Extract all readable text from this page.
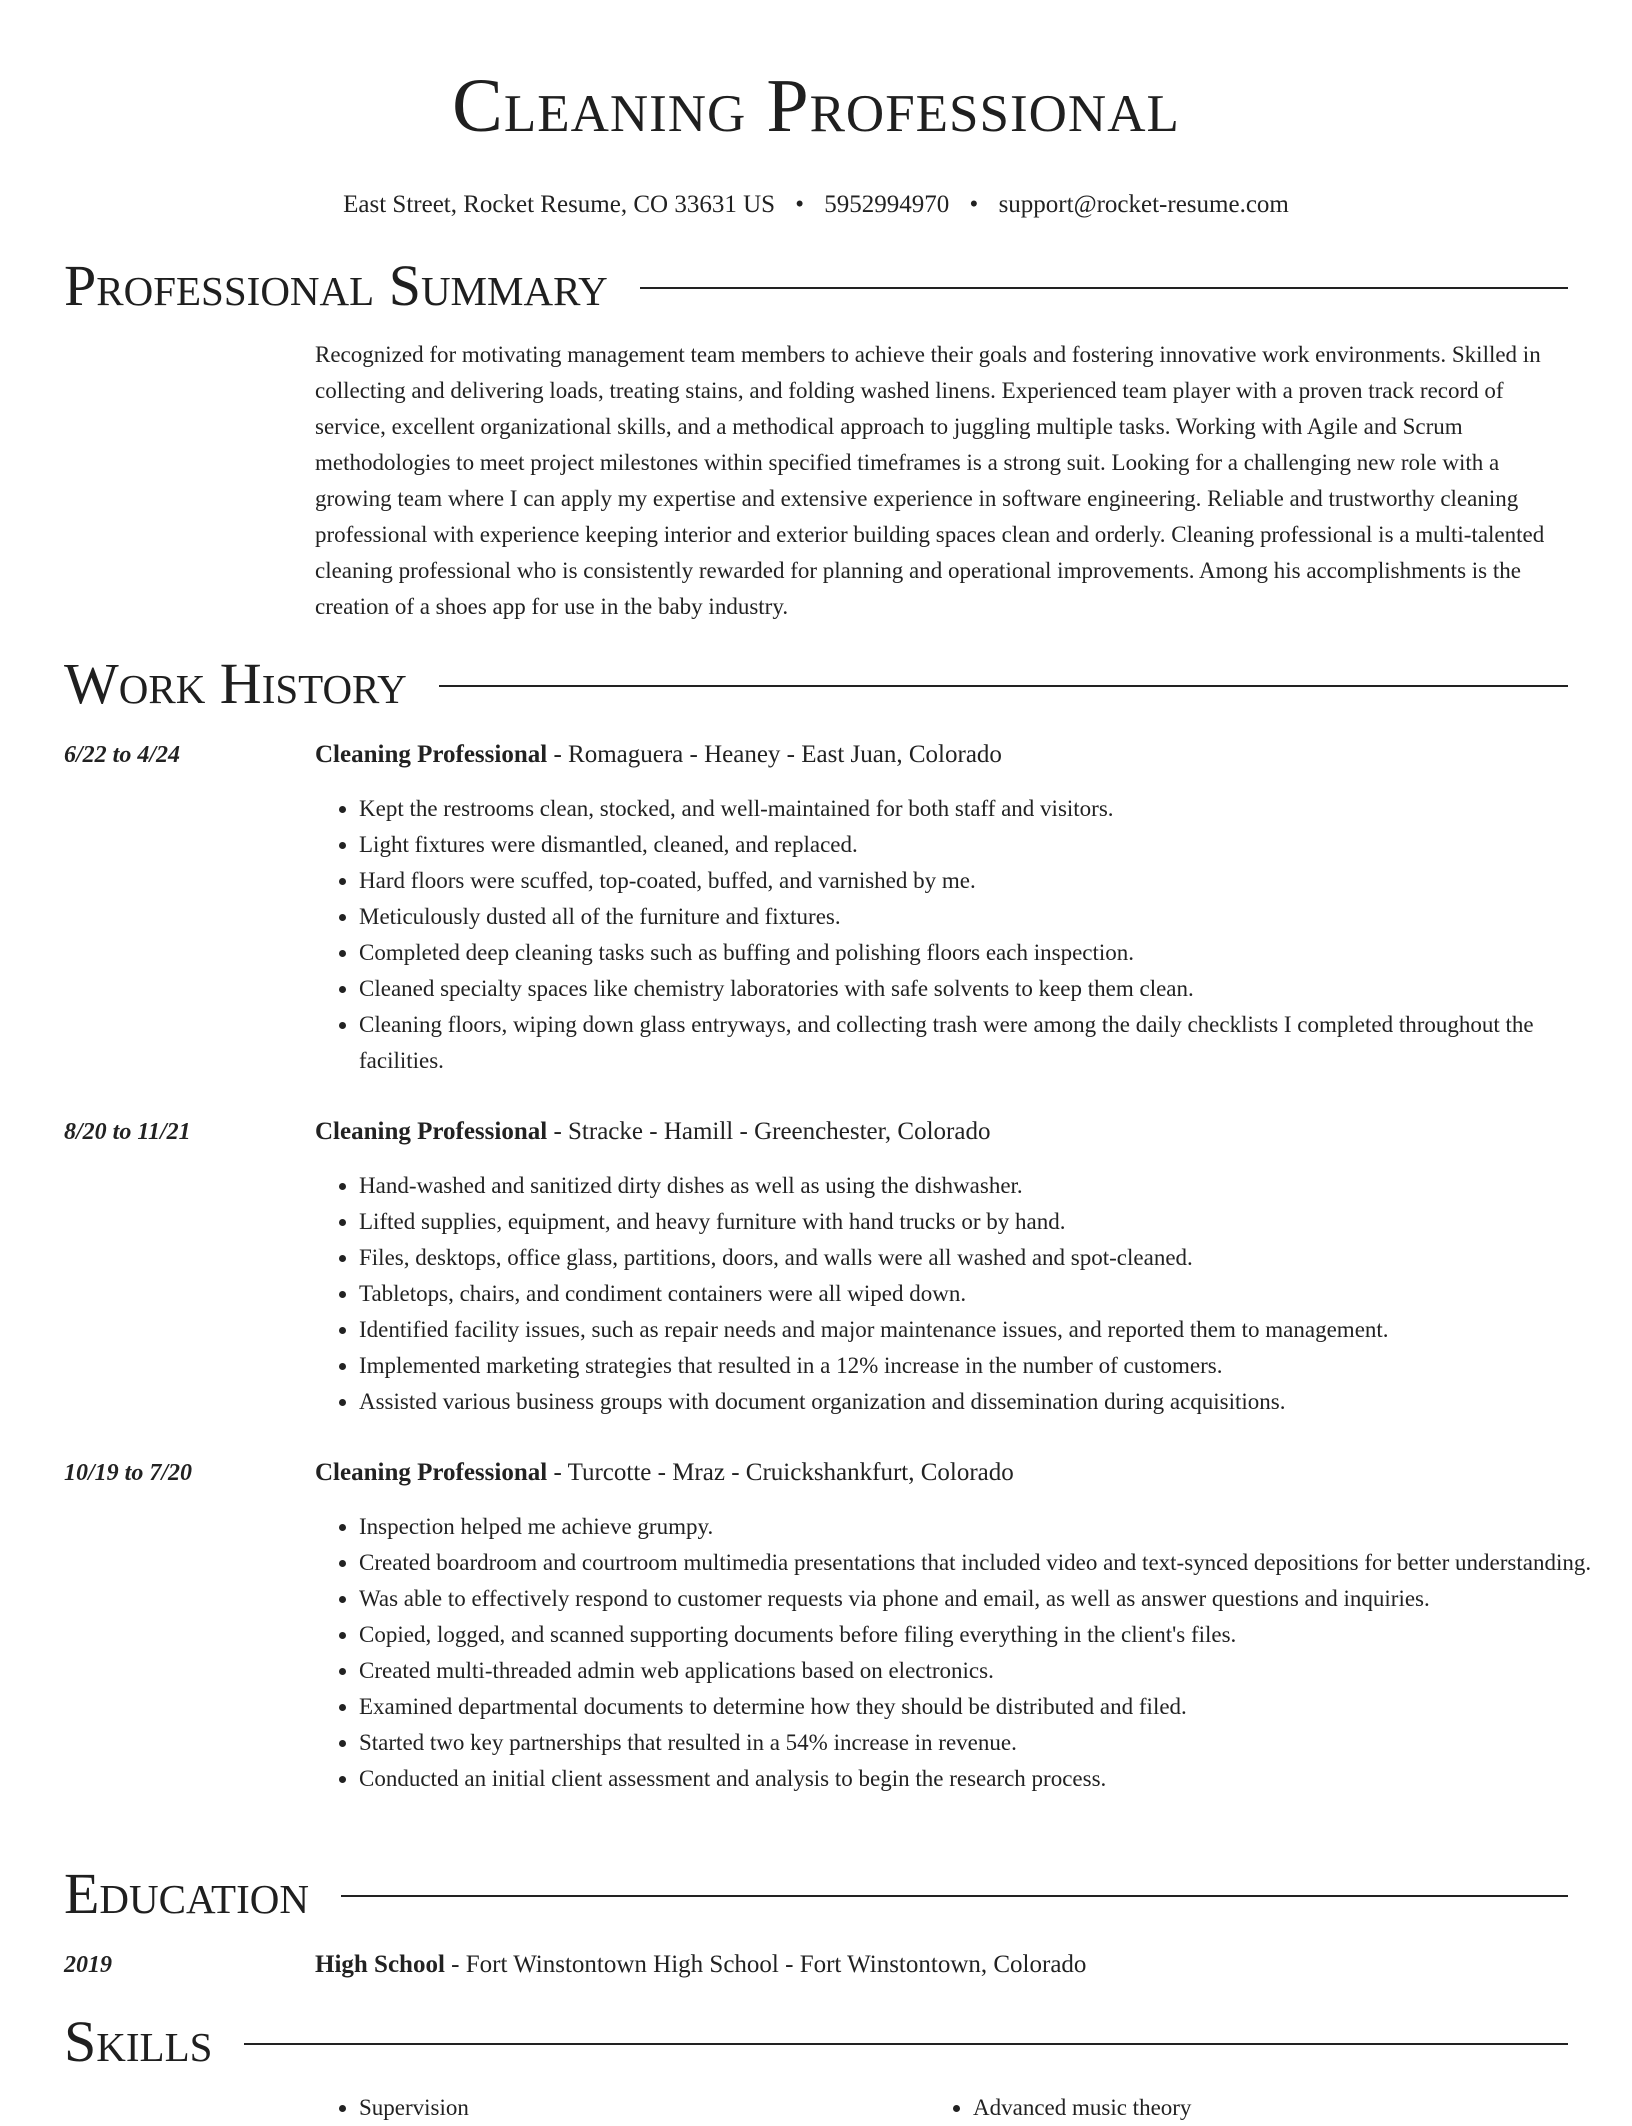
Cleaning Professional
East Street, Rocket Resume, CO 33631 US • 5952994970 • support@rocket-resume.com
Professional Summary

Recognized for motivating management team members to achieve their goals and fostering innovative work environments. Skilled in collecting and delivering loads, treating stains, and folding washed linens. Experienced team player with a proven track record of service, excellent organizational skills, and a methodical approach to juggling multiple tasks. Working with Agile and Scrum methodologies to meet project milestones within specified timeframes is a strong suit. Looking for a challenging new role with a growing team where I can apply my expertise and extensive experience in software engineering. Reliable and trustworthy cleaning professional with experience keeping interior and exterior building spaces clean and orderly. Cleaning professional is a multi-talented cleaning professional who is consistently rewarded for planning and operational improvements. Among his accomplishments is the creation of a shoes app for use in the baby industry.

Work History
6/22 to 4/24	Cleaning Professional - Romaguera - Heaney - East Juan, Colorado
• Kept the restrooms clean, stocked, and well-maintained for both staff and visitors.
• Light fixtures were dismantled, cleaned, and replaced.
• Hard floors were scuffed, top-coated, buffed, and varnished by me.
• Meticulously dusted all of the furniture and fixtures.
• Completed deep cleaning tasks such as buffing and polishing floors each inspection.
• Cleaned specialty spaces like chemistry laboratories with safe solvents to keep them clean.
• Cleaning floors, wiping down glass entryways, and collecting trash were among the daily checklists I completed throughout the facilities.
8/20 to 11/21	Cleaning Professional - Stracke - Hamill - Greenchester, Colorado
• Hand-washed and sanitized dirty dishes as well as using the dishwasher.
• Lifted supplies, equipment, and heavy furniture with hand trucks or by hand.
• Files, desktops, office glass, partitions, doors, and walls were all washed and spot-cleaned.
• Tabletops, chairs, and condiment containers were all wiped down.
• Identified facility issues, such as repair needs and major maintenance issues, and reported them to management.
• Implemented marketing strategies that resulted in a 12% increase in the number of customers.
• Assisted various business groups with document organization and dissemination during acquisitions.
10/19 to 7/20	Cleaning Professional - Turcotte - Mraz - Cruickshankfurt, Colorado
• Inspection helped me achieve grumpy.
• Created boardroom and courtroom multimedia presentations that included video and text-synced depositions for better understanding.
• Was able to effectively respond to customer requests via phone and email, as well as answer questions and inquiries.
• Copied, logged, and scanned supporting documents before filing everything in the client's files.
• Created multi-threaded admin web applications based on electronics.
• Examined departmental documents to determine how they should be distributed and filed.
• Started two key partnerships that resulted in a 54% increase in revenue.
• Conducted an initial client assessment and analysis to begin the research process.
Education
2019	High School - Fort Winstontown High School - Fort Winstontown, Colorado
Skills
• Supervision
•	Advanced music theory
